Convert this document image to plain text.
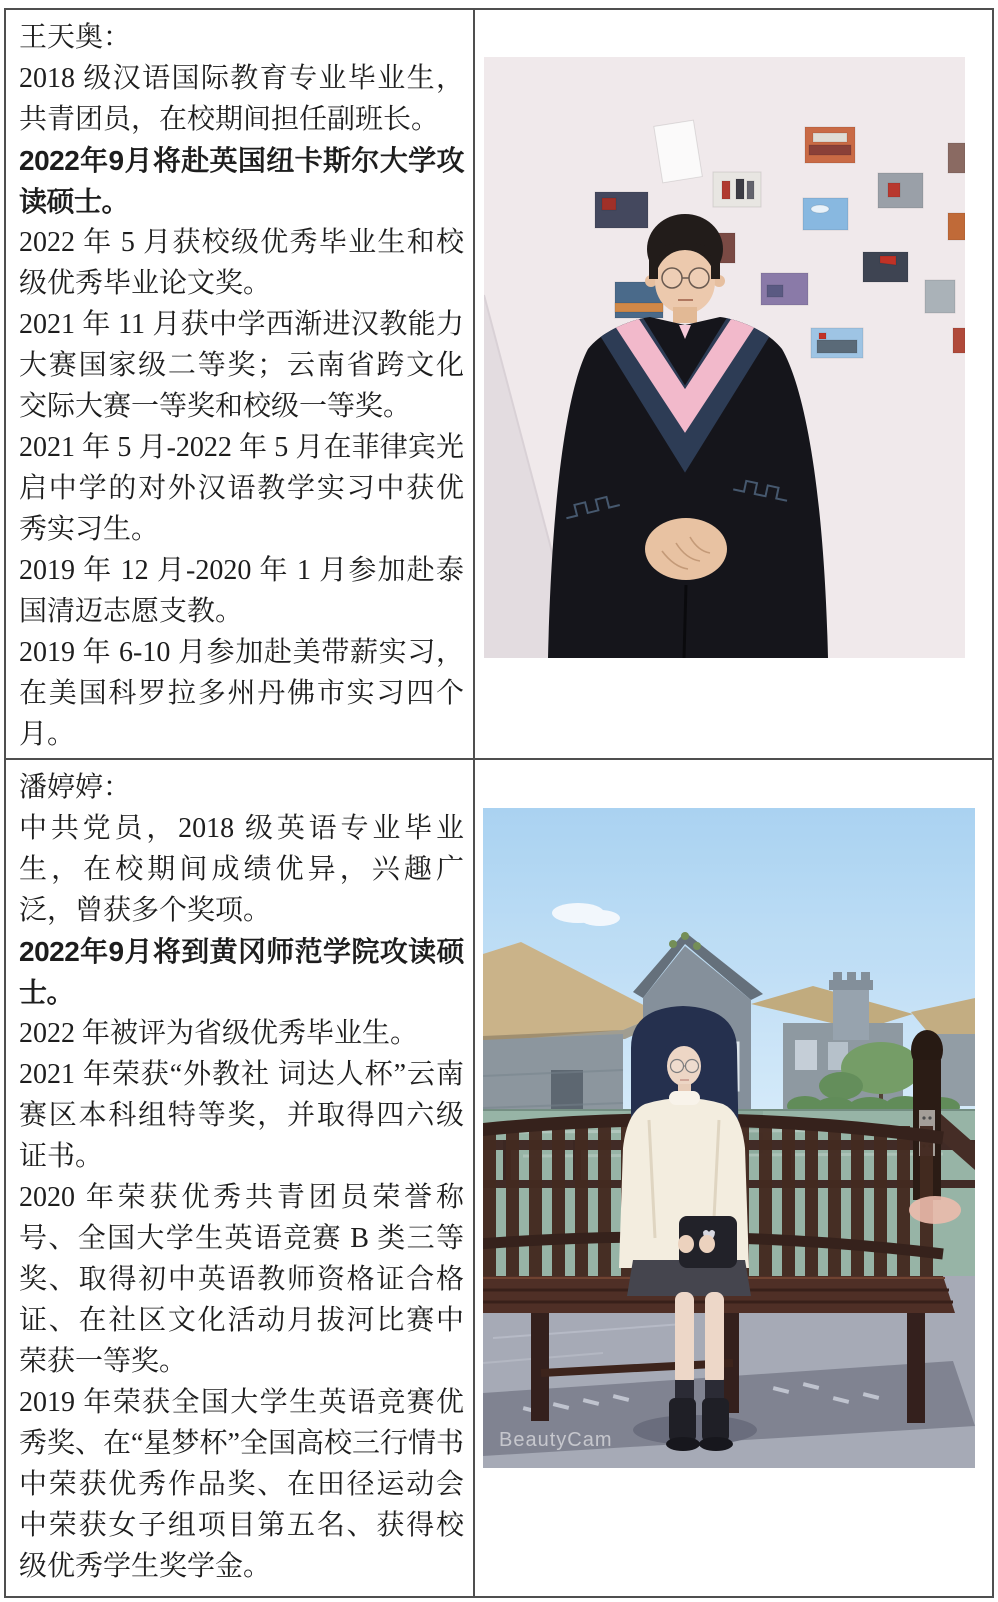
王天奥：
2018 级汉语国际教育专业毕业生，共青团员，在校期间担任副班长。
2022年9月将赴英国纽卡斯尔大学攻读硕士。
2022 年 5 月获校级优秀毕业生和校级优秀毕业论文奖。
2021 年 11 月获中学西渐进汉教能力大赛国家级二等奖；云南省跨文化交际大赛一等奖和校级一等奖。
2021 年 5 月-2022 年 5 月在菲律宾光启中学的对外汉语教学实习中获优秀实习生。
2019 年 12 月-2020 年 1 月参加赴泰国清迈志愿支教。
2019 年 6-10 月参加赴美带薪实习，在美国科罗拉多州丹佛市实习四个月。
潘婷婷：
中共党员，2018 级英语专业毕业生，在校期间成绩优异，兴趣广泛，曾获多个奖项。
2022年9月将到黄冈师范学院攻读硕士。
2022 年被评为省级优秀毕业生。
2021 年荣获“外教社 词达人杯”云南赛区本科组特等奖，并取得四六级证书。
2020 年荣获优秀共青团员荣誉称号、全国大学生英语竞赛 B 类三等奖、取得初中英语教师资格证合格证、在社区文化活动月拔河比赛中荣获一等奖。
2019 年荣获全国大学生英语竞赛优秀奖、在“星梦杯”全国高校三行情书中荣获优秀作品奖、在田径运动会中荣获女子组项目第五名、获得校级优秀学生奖学金。
BeautyCam
